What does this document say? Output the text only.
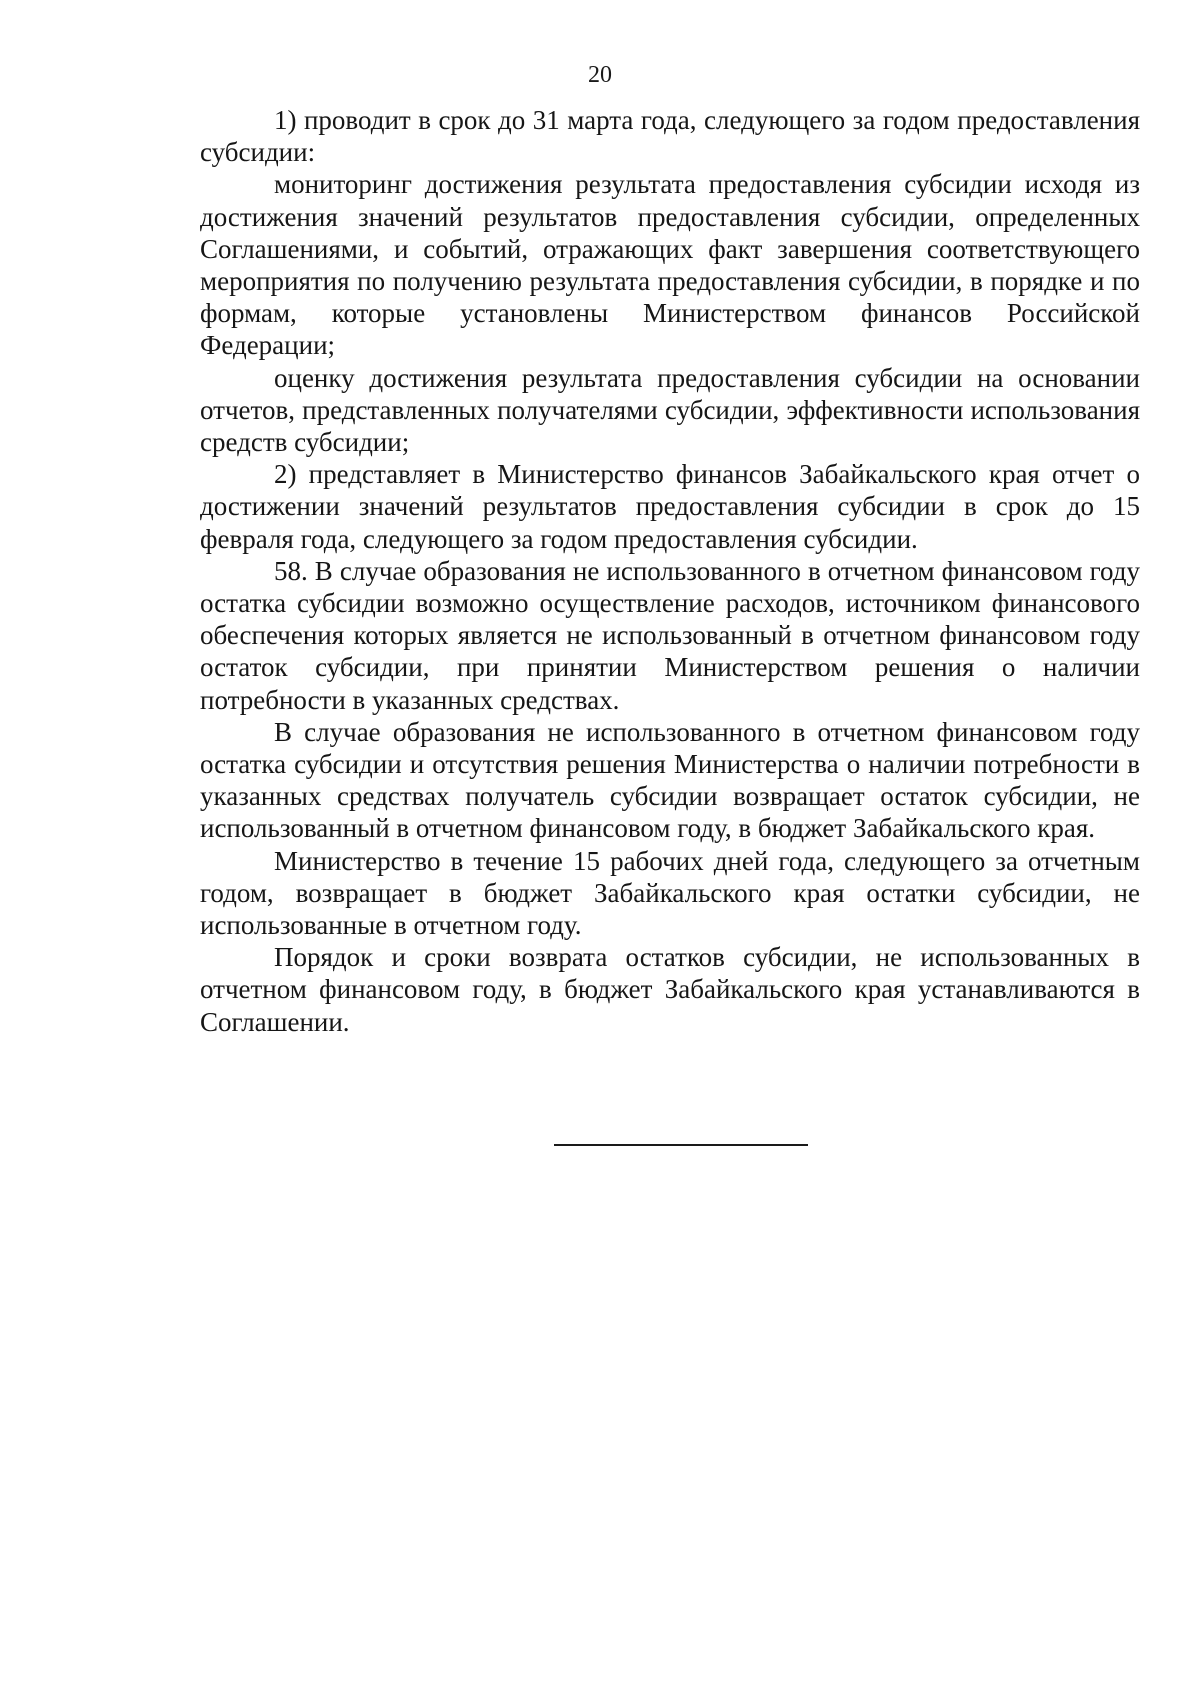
20

1) проводит в срок до 31 марта года, следующего за годом предоставления субсидии:

мониторинг достижения результата предоставления субсидии исходя из достижения значений результатов предоставления субсидии, определенных Соглашениями, и событий, отражающих факт завершения соответствующего мероприятия по получению результата предоставления субсидии, в порядке и по формам, которые установлены Министерством финансов Российской Федерации;

оценку достижения результата предоставления субсидии на основании отчетов, представленных получателями субсидии, эффективности использования средств субсидии;

2) представляет в Министерство финансов Забайкальского края отчет о достижении значений результатов предоставления субсидии в срок до 15 февраля года, следующего за годом предоставления субсидии.

58. В случае образования не использованного в отчетном финансовом году остатка субсидии возможно осуществление расходов, источником финансового обеспечения которых является не использованный в отчетном финансовом году остаток субсидии, при принятии Министерством решения о наличии потребности в указанных средствах.

В случае образования не использованного в отчетном финансовом году остатка субсидии и отсутствия решения Министерства о наличии потребности в указанных средствах получатель субсидии возвращает остаток субсидии, не использованный в отчетном финансовом году, в бюджет Забайкальского края.

Министерство в течение 15 рабочих дней года, следующего за отчетным годом, возвращает в бюджет Забайкальского края остатки субсидии, не использованные в отчетном году.

Порядок и сроки возврата остатков субсидии, не использованных в отчетном финансовом году, в бюджет Забайкальского края устанавливаются в Соглашении.
